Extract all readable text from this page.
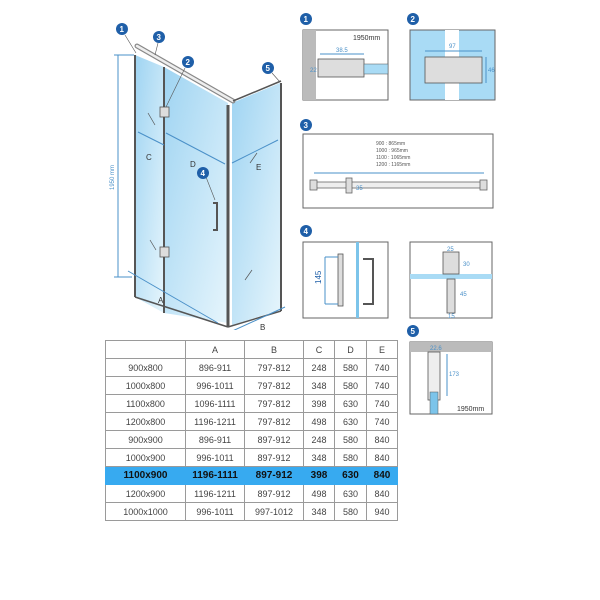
1950 mm
A
B
C
D	E
1
3
2
4
5
1
1950mm
38.5
22
2
97
46
3
900 : 865mm
1000 : 965mm
1100 : 1065mm
1200 : 1165mm
35
4
145
25
30
45
15
5
22.6
173
1950mm
	A	B	C	D	E
900x800	896-911	797-812	248	580	740
1000x800	996-1011	797-812	348	580	740
1100x800	1096-1111	797-812	398	630	740
1200x800	1196-1211	797-812	498	630	740
900x900	896-911	897-912	248	580	840
1000x900	996-1011	897-912	348	580	840
1100x900	1196-1111	897-912	398	630	840
1200x900	1196-1211	897-912	498	630	840
1000x1000	996-1011	997-1012	348	580	940
